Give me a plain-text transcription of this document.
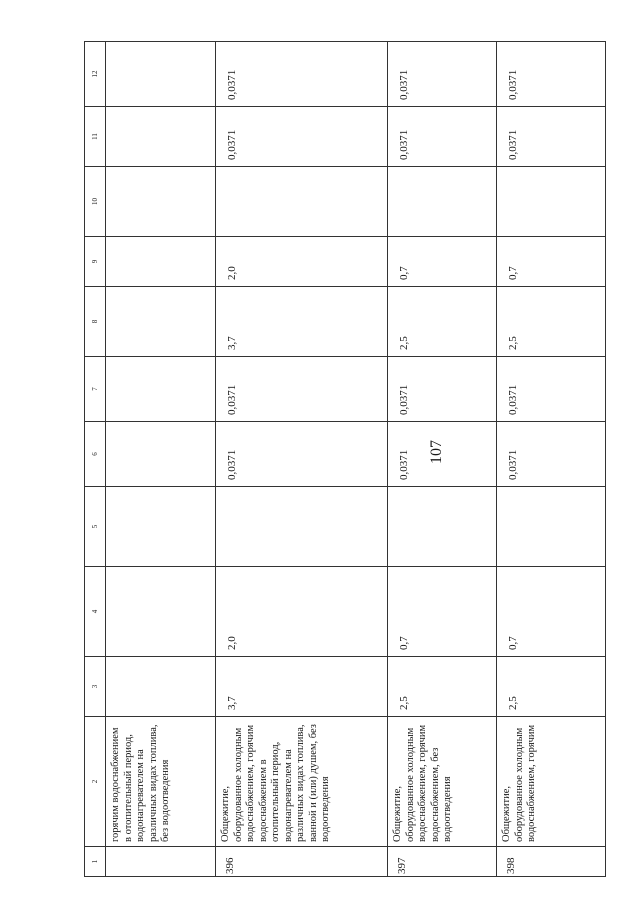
107
1	2	3	4	5	6	7	8	9	10	11	12
	горячим водоснабжением в отопительный период, водонагревателем на различных видах топлива, без водоотведения										
396	Общежитие, оборудованное холодным водоснабжением, горячим водоснабжением в отопительный период, водонагревателем на различных видах топлива, ванной и (или) душем, без водоотведения	3,7	2,0		0,0371	0,0371	3,7	2,0		0,0371	0,0371
397	Общежитие, оборудованное холодным водоснабжением, горячим водоснабжением, без водоотведения	2,5	0,7		0,0371	0,0371	2,5	0,7		0,0371	0,0371
398	Общежитие, оборудованное холодным водоснабжением, горячим	2,5	0,7		0,0371	0,0371	2,5	0,7		0,0371	0,0371
